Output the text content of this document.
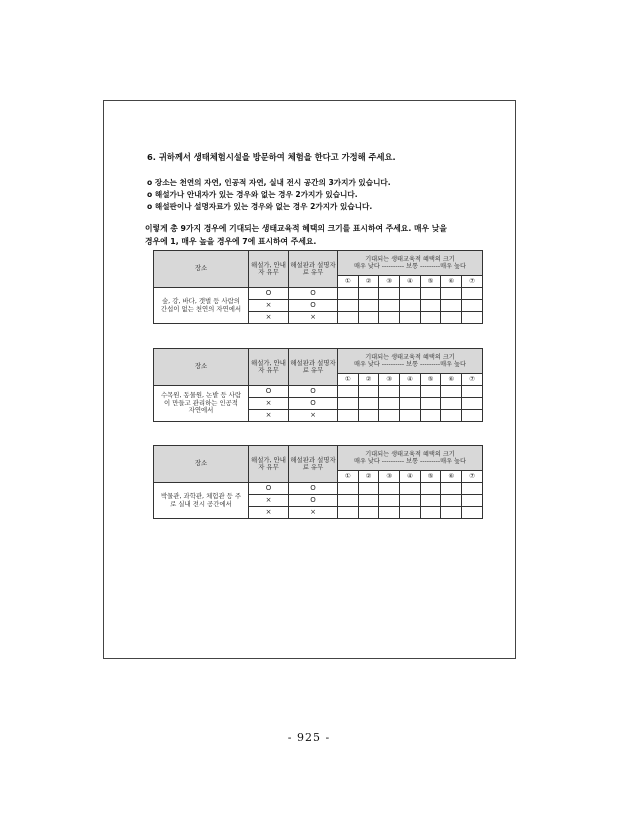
6. 귀하께서 생태체험시설을 방문하여 체험을 한다고 가정해 주세요.
o 장소는 천연의 자연, 인공적 자연, 실내 전시 공간의 3가지가 있습니다.
o 해설가나 안내자가 있는 경우와 없는 경우 2가지가 있습니다.
o 해설판이나 설명자료가 있는 경우와 없는 경우 2가지가 있습니다.
이렇게 총 9가지 경우에 기대되는 생태교육적 혜택의 크기를 표시하여 주세요. 매우 낮을
경우에 1, 매우 높을 경우에 7에 표시하여 주세요.
장소	해설가, 안내자 유무	해설판과 설명자료 유무	기대되는 생태교육적 혜택의 크기
매우 낮다 ---------- 보통 ---------매우 높다						

			①	②	③	④	⑤	⑥	⑦
숲, 강, 바다, 갯벌 등 사람의 간섭이 없는 천연의 자연에서	O	O							
	×	O							
	×	×							
장소	해설가, 안내자 유무	해설판과 설명자료 유무	기대되는 생태교육적 혜택의 크기
매우 낮다 ---------- 보통 ---------매우 높다						

			①	②	③	④	⑤	⑥	⑦
수목원, 동물원, 논밭 등 사람이 만들고 관리하는 인공적 자연에서	O	O							
	×	O							
	×	×							
장소	해설가, 안내자 유무	해설판과 설명자료 유무	기대되는 생태교육적 혜택의 크기
매우 낮다 ---------- 보통 ---------매우 높다						

			①	②	③	④	⑤	⑥	⑦
박물관, 과학관, 체험관 등 주로 실내 전시 공간에서	O	O							
	×	O							
	×	×							
- 925 -
